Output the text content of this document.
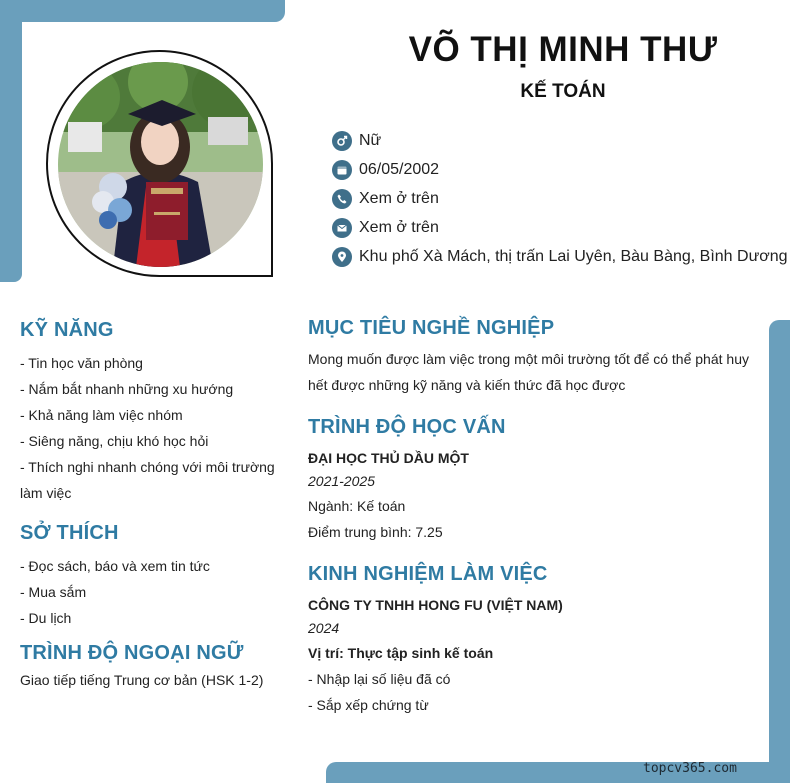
topcv365.com
VÕ THỊ MINH THƯ
KẾ TOÁN
Nữ
06/05/2002
Xem ở trên
Xem ở trên
Khu phố Xà Mách, thị trấn Lai Uyên, Bàu Bàng, Bình Dương
KỸ NĂNG
- Tin học văn phòng
- Nắm bắt nhanh những xu hướng
- Khả năng làm việc nhóm
- Siêng năng, chịu khó học hỏi
- Thích nghi nhanh chóng với môi trường làm việc
SỞ THÍCH
- Đọc sách, báo và xem tin tức
- Mua sắm
- Du lịch
TRÌNH ĐỘ NGOẠI NGỮ
Giao tiếp tiếng Trung cơ bản (HSK 1-2)
MỤC TIÊU NGHỀ NGHIỆP
Mong muốn được làm việc trong một môi trường tốt để có thể phát huy hết được những kỹ năng và kiến thức đã học được
TRÌNH ĐỘ HỌC VẤN
ĐẠI HỌC THỦ DẦU MỘT
2021-2025
Ngành: Kế toán
Điểm trung bình: 7.25
KINH NGHIỆM LÀM VIỆC
CÔNG TY TNHH HONG FU (VIỆT NAM)
2024
Vị trí: Thực tập sinh kế toán
- Nhập lại số liệu đã có
- Sắp xếp chứng từ
